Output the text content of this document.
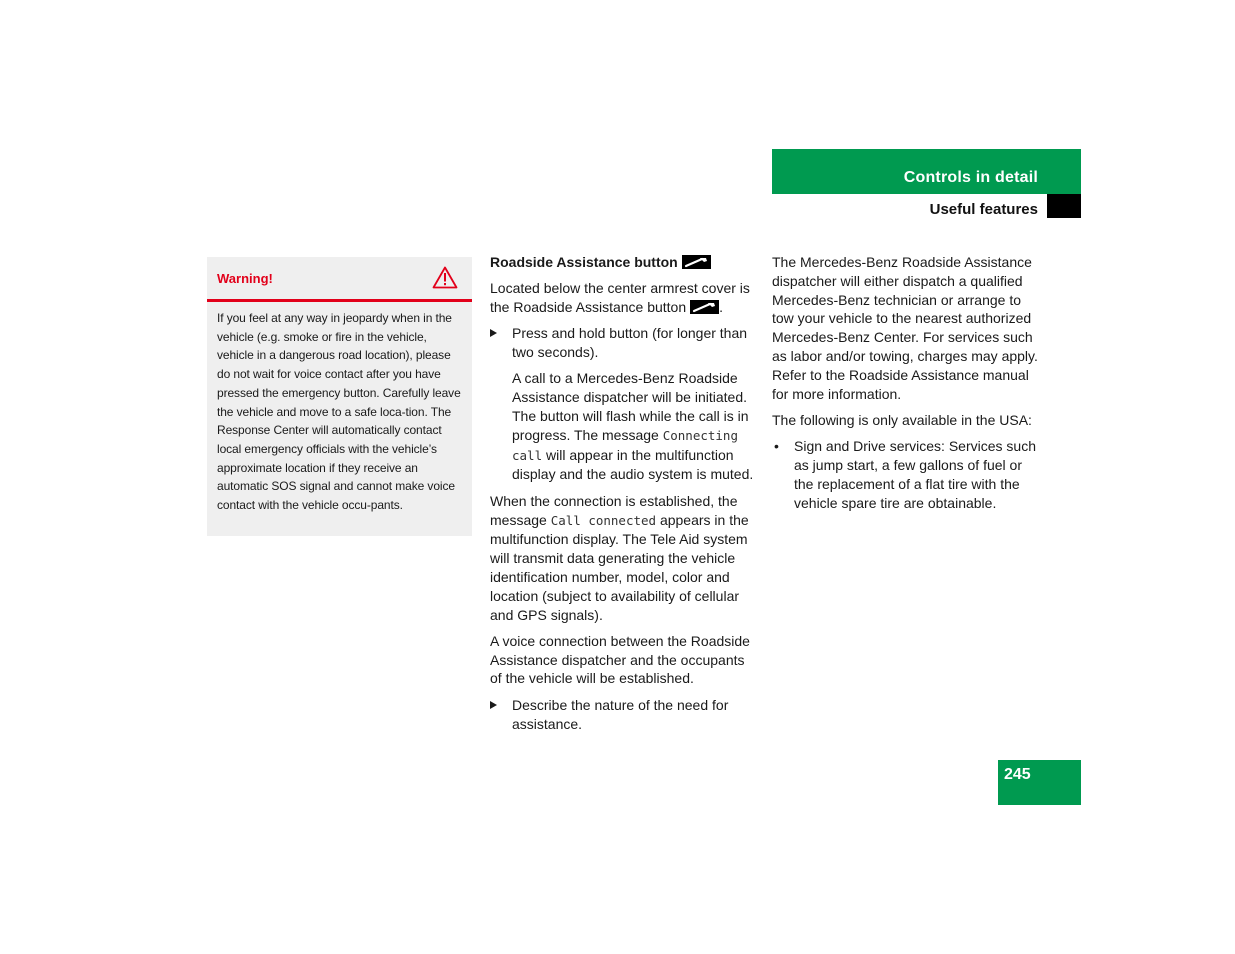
Controls in detail
Useful features
Warning!
If you feel at any way in jeopardy when in the vehicle (e.g. smoke or fire in the vehicle, vehicle in a dangerous road location), please do not wait for voice contact after you have pressed the emergency button. Carefully leave the vehicle and move to a safe loca-tion. The Response Center will automatically contact local emergency officials with the vehicle’s approximate location if they receive an automatic SOS signal and cannot make voice contact with the vehicle occu-pants.

Roadside Assistance button

Located below the center armrest cover is the Roadside Assistance button .

Press and hold button (for longer than two seconds).

A call to a Mercedes-Benz Roadside Assistance dispatcher will be initiated. The button will flash while the call is in progress. The message Connecting call will appear in the multifunction display and the audio system is muted.

When the connection is established, the message Call connected appears in the multifunction display. The Tele Aid system will transmit data generating the vehicle identification number, model, color and location (subject to availability of cellular and GPS signals).

A voice connection between the Roadside Assistance dispatcher and the occupants of the vehicle will be established.

Describe the nature of the need for assistance.

The Mercedes-Benz Roadside Assistance dispatcher will either dispatch a qualified Mercedes-Benz technician or arrange to tow your vehicle to the nearest authorized Mercedes-Benz Center. For services such as labor and/or towing, charges may apply. Refer to the Roadside Assistance manual for more information.

The following is only available in the USA:

• Sign and Drive services: Services such as jump start, a few gallons of fuel or the replacement of a flat tire with the vehicle spare tire are obtainable.
245
